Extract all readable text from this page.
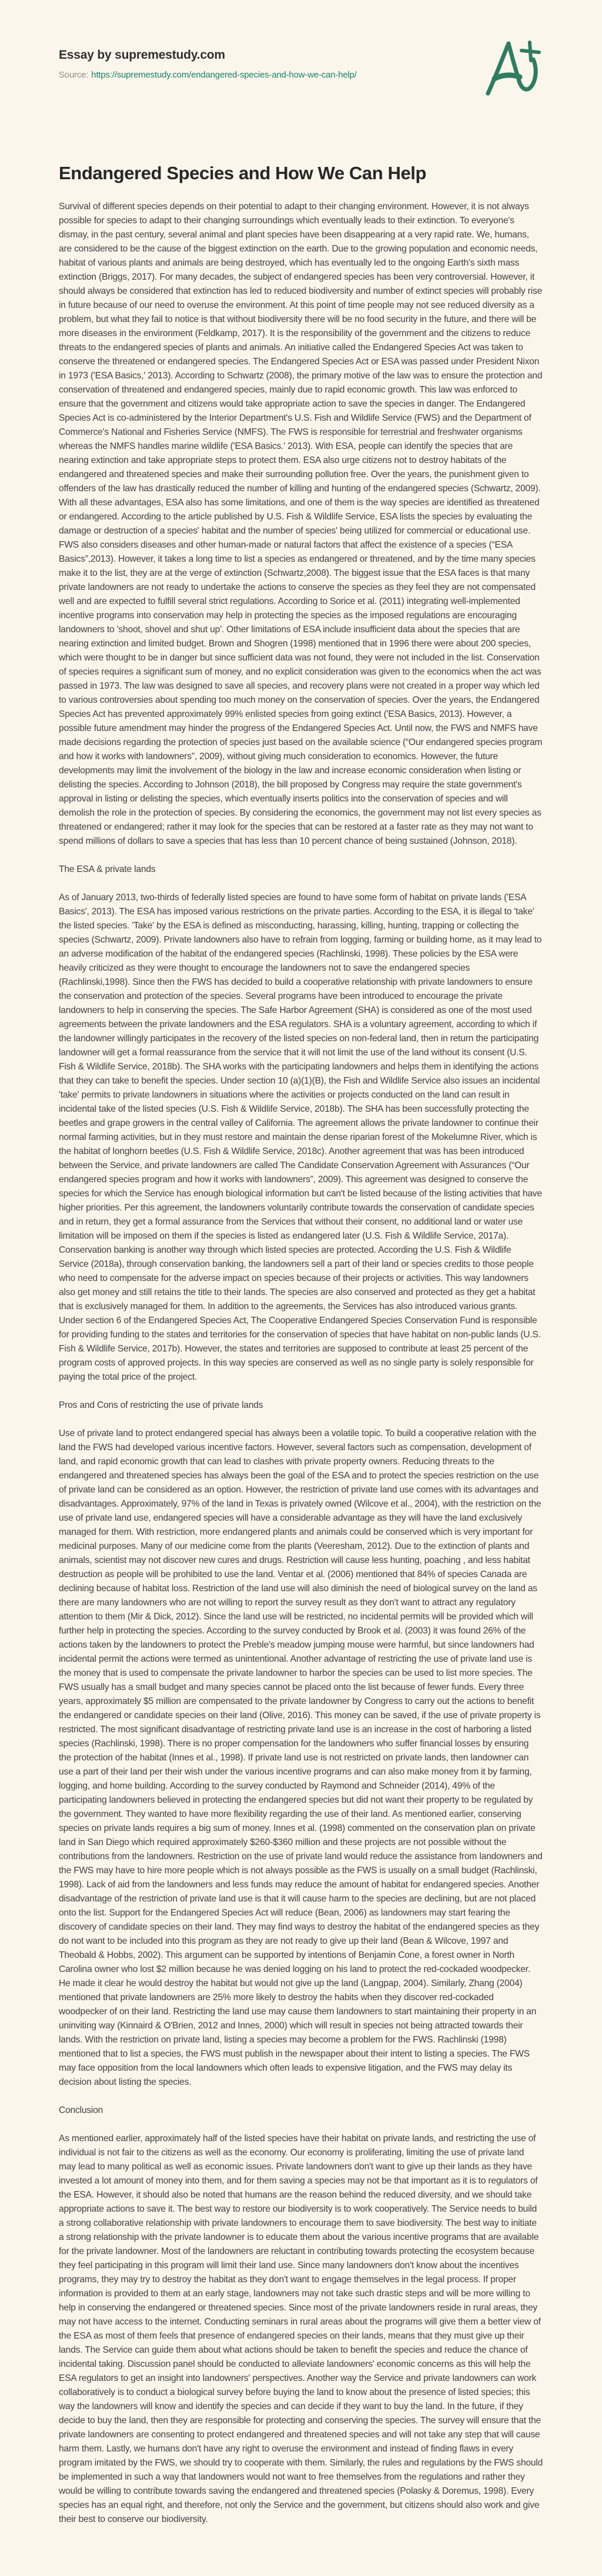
Essay by supremestudy.com
Source: https://supremestudy.com/endangered-species-and-how-we-can-help/
Endangered Species and How We Can Help

Survival of different species depends on their potential to adapt to their changing environment. However, it is not always possible for species to adapt to their changing surroundings which eventually leads to their extinction. To everyone's dismay, in the past century, several animal and plant species have been disappearing at a very rapid rate. We, humans, are considered to be the cause of the biggest extinction on the earth. Due to the growing population and economic needs, habitat of various plants and animals are being destroyed, which has eventually led to the ongoing Earth's sixth mass extinction (Briggs, 2017). For many decades, the subject of endangered species has been very controversial. However, it should always be considered that extinction has led to reduced biodiversity and number of extinct species will probably rise in future because of our need to overuse the environment. At this point of time people may not see reduced diversity as a problem, but what they fail to notice is that without biodiversity there will be no food security in the future, and there will be more diseases in the environment (Feldkamp, 2017). It is the responsibility of the government and the citizens to reduce threats to the endangered species of plants and animals. An initiative called the Endangered Species Act was taken to conserve the threatened or endangered species. The Endangered Species Act or ESA was passed under President Nixon in 1973 ('ESA Basics,' 2013). According to Schwartz (2008), the primary motive of the law was to ensure the protection and conservation of threatened and endangered species, mainly due to rapid economic growth. This law was enforced to ensure that the government and citizens would take appropriate action to save the species in danger. The Endangered Species Act is co-administered by the Interior Department's U.S. Fish and Wildlife Service (FWS) and the Department of Commerce's National and Fisheries Service (NMFS). The FWS is responsible for terrestrial and freshwater organisms whereas the NMFS handles marine wildlife ('ESA Basics.' 2013). With ESA, people can identify the species that are nearing extinction and take appropriate steps to protect them. ESA also urge citizens not to destroy habitats of the endangered and threatened species and make their surrounding pollution free. Over the years, the punishment given to offenders of the law has drastically reduced the number of killing and hunting of the endangered species (Schwartz, 2009). With all these advantages, ESA also has some limitations, and one of them is the way species are identified as threatened or endangered. According to the article published by U.S. Fish & Wildlife Service, ESA lists the species by evaluating the damage or destruction of a species' habitat and the number of species' being utilized for commercial or educational use. FWS also considers diseases and other human-made or natural factors that affect the existence of a species (“ESA Basics”,2013). However, it takes a long time to list a species as endangered or threatened, and by the time many species make it to the list, they are at the verge of extinction (Schwartz,2008). The biggest issue that the ESA faces is that many private landowners are not ready to undertake the actions to conserve the species as they feel they are not compensated well and are expected to fulfill several strict regulations. According to Sorice et al. (2011) integrating well-implemented incentive programs into conservation may help in protecting the species as the imposed regulations are encouraging landowners to 'shoot, shovel and shut up'. Other limitations of ESA include insufficient data about the species that are nearing extinction and limited budget. Brown and Shogren (1998) mentioned that in 1996 there were about 200 species, which were thought to be in danger but since sufficient data was not found, they were not included in the list. Conservation of species requires a significant sum of money, and no explicit consideration was given to the economics when the act was passed in 1973. The law was designed to save all species, and recovery plans were not created in a proper way which led to various controversies about spending too much money on the conservation of species. Over the years, the Endangered Species Act has prevented approximately 99% enlisted species from going extinct ('ESA Basics, 2013). However, a possible future amendment may hinder the progress of the Endangered Species Act. Until now, the FWS and NMFS have made decisions regarding the protection of species just based on the available science (“Our endangered species program and how it works with landowners”, 2009), without giving much consideration to economics. However, the future developments may limit the involvement of the biology in the law and increase economic consideration when listing or delisting the species. According to Johnson (2018), the bill proposed by Congress may require the state government's approval in listing or delisting the species, which eventually inserts politics into the conservation of species and will demolish the role in the protection of species. By considering the economics, the government may not list every species as threatened or endangered; rather it may look for the species that can be restored at a faster rate as they may not want to spend millions of dollars to save a species that has less than 10 percent chance of being sustained (Johnson, 2018).

The ESA & private lands

As of January 2013, two-thirds of federally listed species are found to have some form of habitat on private lands ('ESA Basics', 2013). The ESA has imposed various restrictions on the private parties. According to the ESA, it is illegal to 'take' the listed species. 'Take' by the ESA is defined as misconducting, harassing, killing, hunting, trapping or collecting the species (Schwartz, 2009). Private landowners also have to refrain from logging, farming or building home, as it may lead to an adverse modification of the habitat of the endangered species (Rachlinski, 1998). These policies by the ESA were heavily criticized as they were thought to encourage the landowners not to save the endangered species (Rachlinski,1998). Since then the FWS has decided to build a cooperative relationship with private landowners to ensure the conservation and protection of the species. Several programs have been introduced to encourage the private landowners to help in conserving the species. The Safe Harbor Agreement (SHA) is considered as one of the most used agreements between the private landowners and the ESA regulators. SHA is a voluntary agreement, according to which if the landowner willingly participates in the recovery of the listed species on non-federal land, then in return the participating landowner will get a formal reassurance from the service that it will not limit the use of the land without its consent (U.S. Fish & Wildlife Service, 2018b). The SHA works with the participating landowners and helps them in identifying the actions that they can take to benefit the species. Under section 10 (a)(1)(B), the Fish and Wildlife Service also issues an incidental 'take' permits to private landowners in situations where the activities or projects conducted on the land can result in incidental take of the listed species (U.S. Fish & Wildlife Service, 2018b). The SHA has been successfully protecting the beetles and grape growers in the central valley of California. The agreement allows the private landowner to continue their normal farming activities, but in they must restore and maintain the dense riparian forest of the Mokelumne River, which is the habitat of longhorn beetles (U.S. Fish & Wildlife Service, 2018c). Another agreement that was has been introduced between the Service, and private landowners are called The Candidate Conservation Agreement with Assurances (“Our endangered species program and how it works with landowners”, 2009). This agreement was designed to conserve the species for which the Service has enough biological information but can't be listed because of the listing activities that have higher priorities. Per this agreement, the landowners voluntarily contribute towards the conservation of candidate species and in return, they get a formal assurance from the Services that without their consent, no additional land or water use limitation will be imposed on them if the species is listed as endangered later (U.S. Fish & Wildlife Service, 2017a). Conservation banking is another way through which listed species are protected. According the U.S. Fish & Wildlife Service (2018a), through conservation banking, the landowners sell a part of their land or species credits to those people who need to compensate for the adverse impact on species because of their projects or activities. This way landowners also get money and still retains the title to their lands. The species are also conserved and protected as they get a habitat that is exclusively managed for them. In addition to the agreements, the Services has also introduced various grants. Under section 6 of the Endangered Species Act, The Cooperative Endangered Species Conservation Fund is responsible for providing funding to the states and territories for the conservation of species that have habitat on non-public lands (U.S. Fish & Wildlife Service, 2017b). However, the states and territories are supposed to contribute at least 25 percent of the program costs of approved projects. In this way species are conserved as well as no single party is solely responsible for paying the total price of the project.

Pros and Cons of restricting the use of private lands

Use of private land to protect endangered special has always been a volatile topic. To build a cooperative relation with the land the FWS had developed various incentive factors. However, several factors such as compensation, development of land, and rapid economic growth that can lead to clashes with private property owners. Reducing threats to the endangered and threatened species has always been the goal of the ESA and to protect the species restriction on the use of private land can be considered as an option. However, the restriction of private land use comes with its advantages and disadvantages. Approximately, 97% of the land in Texas is privately owned (Wilcove et al., 2004), with the restriction on the use of private land use, endangered species will have a considerable advantage as they will have the land exclusively managed for them. With restriction, more endangered plants and animals could be conserved which is very important for medicinal purposes. Many of our medicine come from the plants (Veeresham, 2012). Due to the extinction of plants and animals, scientist may not discover new cures and drugs. Restriction will cause less hunting, poaching , and less habitat destruction as people will be prohibited to use the land. Ventar et al. (2006) mentioned that 84% of species Canada are declining because of habitat loss. Restriction of the land use will also diminish the need of biological survey on the land as there are many landowners who are not willing to report the survey result as they don't want to attract any regulatory attention to them (Mir & Dick, 2012). Since the land use will be restricted, no incidental permits will be provided which will further help in protecting the species. According to the survey conducted by Brook et al. (2003) it was found 26% of the actions taken by the landowners to protect the Preble's meadow jumping mouse were harmful, but since landowners had incidental permit the actions were termed as unintentional. Another advantage of restricting the use of private land use is the money that is used to compensate the private landowner to harbor the species can be used to list more species. The FWS usually has a small budget and many species cannot be placed onto the list because of fewer funds. Every three years, approximately $5 million are compensated to the private landowner by Congress to carry out the actions to benefit the endangered or candidate species on their land (Olive, 2016). This money can be saved, if the use of private property is restricted. The most significant disadvantage of restricting private land use is an increase in the cost of harboring a listed species (Rachlinski, 1998). There is no proper compensation for the landowners who suffer financial losses by ensuring the protection of the habitat (Innes et al., 1998). If private land use is not restricted on private lands, then landowner can use a part of their land per their wish under the various incentive programs and can also make money from it by farming, logging, and home building. According to the survey conducted by Raymond and Schneider (2014), 49% of the participating landowners believed in protecting the endangered species but did not want their property to be regulated by the government. They wanted to have more flexibility regarding the use of their land. As mentioned earlier, conserving species on private lands requires a big sum of money. Innes et al. (1998) commented on the conservation plan on private land in San Diego which required approximately $260-$360 million and these projects are not possible without the contributions from the landowners. Restriction on the use of private land would reduce the assistance from landowners and the FWS may have to hire more people which is not always possible as the FWS is usually on a small budget (Rachlinski, 1998). Lack of aid from the landowners and less funds may reduce the amount of habitat for endangered species. Another disadvantage of the restriction of private land use is that it will cause harm to the species are declining, but are not placed onto the list. Support for the Endangered Species Act will reduce (Bean, 2006) as landowners may start fearing the discovery of candidate species on their land. They may find ways to destroy the habitat of the endangered species as they do not want to be included into this program as they are not ready to give up their land (Bean & Wilcove, 1997 and Theobald & Hobbs, 2002). This argument can be supported by intentions of Benjamin Cone, a forest owner in North Carolina owner who lost $2 million because he was denied logging on his land to protect the red-cockaded woodpecker. He made it clear he would destroy the habitat but would not give up the land (Langpap, 2004). Similarly, Zhang (2004) mentioned that private landowners are 25% more likely to destroy the habits when they discover red-cockaded woodpecker of on their land. Restricting the land use may cause them landowners to start maintaining their property in an uninviting way (Kinnaird & O'Brien, 2012 and Innes, 2000) which will result in species not being attracted towards their lands. With the restriction on private land, listing a species may become a problem for the FWS. Rachlinski (1998) mentioned that to list a species, the FWS must publish in the newspaper about their intent to listing a species. The FWS may face opposition from the local landowners which often leads to expensive litigation, and the FWS may delay its decision about listing the species.

Conclusion

As mentioned earlier, approximately half of the listed species have their habitat on private lands, and restricting the use of individual is not fair to the citizens as well as the economy. Our economy is proliferating, limiting the use of private land may lead to many political as well as economic issues. Private landowners don't want to give up their lands as they have invested a lot amount of money into them, and for them saving a species may not be that important as it is to regulators of the ESA. However, it should also be noted that humans are the reason behind the reduced diversity, and we should take appropriate actions to save it. The best way to restore our biodiversity is to work cooperatively. The Service needs to build a strong collaborative relationship with private landowners to encourage them to save biodiversity. The best way to initiate a strong relationship with the private landowner is to educate them about the various incentive programs that are available for the private landowner. Most of the landowners are reluctant in contributing towards protecting the ecosystem because they feel participating in this program will limit their land use. Since many landowners don't know about the incentives programs, they may try to destroy the habitat as they don't want to engage themselves in the legal process. If proper information is provided to them at an early stage, landowners may not take such drastic steps and will be more willing to help in conserving the endangered or threatened species. Since most of the private landowners reside in rural areas, they may not have access to the internet. Conducting seminars in rural areas about the programs will give them a better view of the ESA as most of them feels that presence of endangered species on their lands, means that they must give up their lands. The Service can guide them about what actions should be taken to benefit the species and reduce the chance of incidental taking. Discussion panel should be conducted to alleviate landowners' economic concerns as this will help the ESA regulators to get an insight into landowners' perspectives. Another way the Service and private landowners can work collaboratively is to conduct a biological survey before buying the land to know about the presence of listed species; this way the landowners will know and identify the species and can decide if they want to buy the land. In the future, if they decide to buy the land, then they are responsible for protecting and conserving the species. The survey will ensure that the private landowners are consenting to protect endangered and threatened species and will not take any step that will cause harm them. Lastly, we humans don't have any right to overuse the environment and instead of finding flaws in every program imitated by the FWS, we should try to cooperate with them. Similarly, the rules and regulations by the FWS should be implemented in such a way that landowners would not want to free themselves from the regulations and rather they would be willing to contribute towards saving the endangered and threatened species (Polasky & Doremus, 1998). Every species has an equal right, and therefore, not only the Service and the government, but citizens should also work and give their best to conserve our biodiversity.
